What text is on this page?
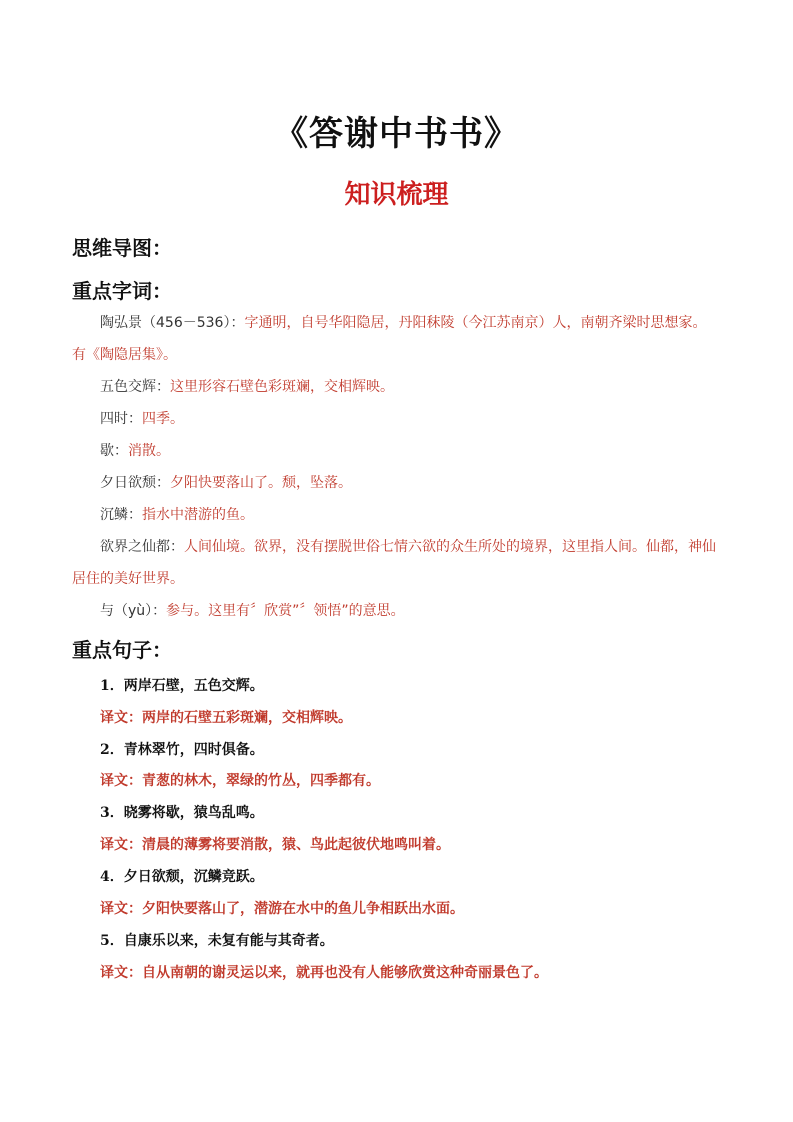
《答谢中书书》
知识梳理
思维导图：
重点字词：
陶弘景（456－536）：字通明，自号华阳隐居，丹阳秣陵（今江苏南京）人，南朝齐梁时思想家。有《陶隐居集》。
五色交辉：这里形容石壁色彩斑斓，交相辉映。
四时：四季。
歇：消散。
夕日欲颓：夕阳快要落山了。颓，坠落。
沉鳞：指水中潜游的鱼。
欲界之仙都：人间仙境。欲界，没有摆脱世俗七情六欲的众生所处的境界，这里指人间。仙都，神仙居住的美好世界。
与（yù）：参与。这里有〞欣赏”〞领悟”的意思。
重点句子：
1．两岸石壁，五色交辉。
译文：两岸的石壁五彩斑斓，交相辉映。
2．青林翠竹，四时俱备。
译文：青葱的林木，翠绿的竹丛，四季都有。
3．晓雾将歇，猿鸟乱鸣。
译文：清晨的薄雾将要消散，猿、鸟此起彼伏地鸣叫着。
4．夕日欲颓，沉鳞竞跃。
译文：夕阳快要落山了，潜游在水中的鱼儿争相跃出水面。
5．自康乐以来，未复有能与其奇者。
译文：自从南朝的谢灵运以来，就再也没有人能够欣赏这种奇丽景色了。
